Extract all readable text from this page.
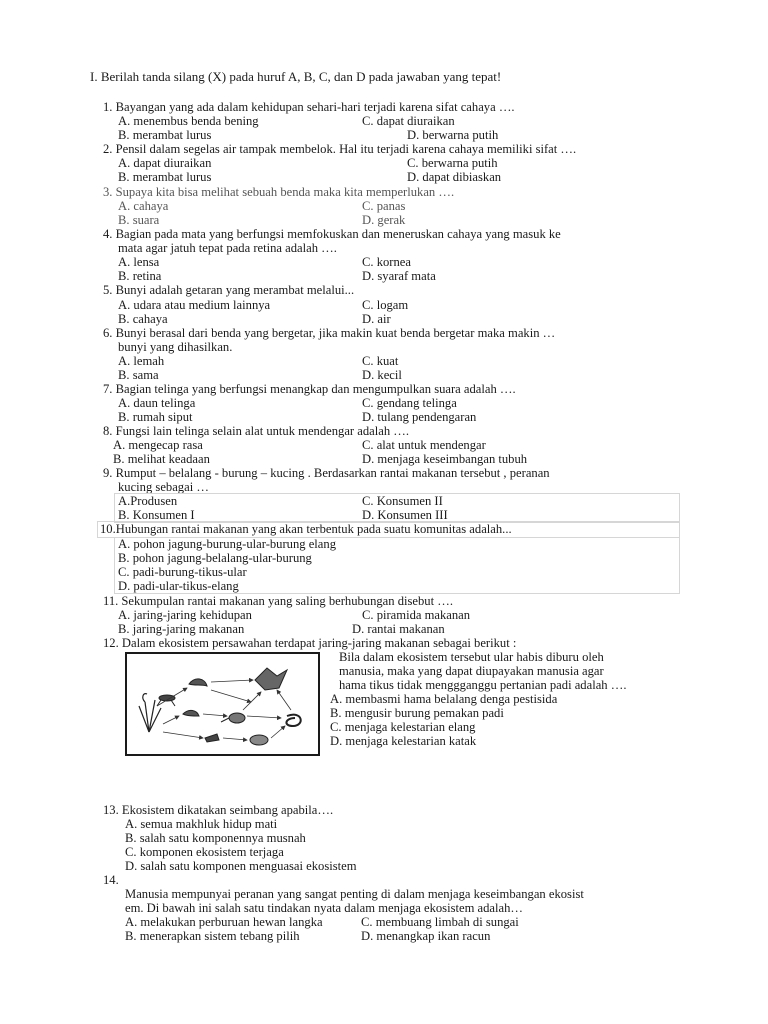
I. Berilah tanda silang (X) pada huruf A, B, C, dan D pada jawaban yang tepat!
1. Bayangan yang ada dalam kehidupan sehari-hari terjadi karena sifat cahaya ….
A. menembus benda bening	C. dapat diuraikan
B. merambat lurus	D. berwarna putih
2. Pensil dalam segelas air tampak membelok. Hal itu terjadi karena cahaya memiliki sifat ….
A. dapat diuraikan	C. berwarna putih
B. merambat lurus	D. dapat dibiaskan
3. Supaya kita bisa melihat sebuah benda maka kita memperlukan ….
A. cahaya	C. panas
B. suara	D. gerak
4. Bagian pada mata yang berfungsi memfokuskan dan meneruskan cahaya yang masuk ke
mata agar jatuh tepat pada retina adalah ….
A. lensa	C. kornea
B. retina	D. syaraf mata
5. Bunyi adalah getaran yang merambat melalui...
A. udara atau medium lainnya	C. logam
B. cahaya	D. air
6. Bunyi berasal dari benda yang bergetar, jika makin kuat benda bergetar maka makin …
bunyi yang dihasilkan.
A. lemah	C. kuat
B. sama	D. kecil
7. Bagian telinga yang berfungsi menangkap dan mengumpulkan suara adalah ….
A. daun telinga	C. gendang telinga
B. rumah siput	D. tulang pendengaran
8. Fungsi lain telinga selain alat untuk mendengar adalah ….
A. mengecap rasa	C. alat untuk mendengar
B. melihat keadaan	D. menjaga keseimbangan tubuh
9. Rumput – belalang - burung – kucing . Berdasarkan rantai makanan tersebut , peranan
kucing sebagai …
A.Produsen	C. Konsumen II
B. Konsumen I	D. Konsumen III
10.Hubungan rantai makanan yang akan terbentuk pada suatu komunitas adalah...
A. pohon jagung-burung-ular-burung elang
B. pohon jagung-belalang-ular-burung
C. padi-burung-tikus-ular
D. padi-ular-tikus-elang
11. Sekumpulan rantai makanan yang saling berhubungan disebut ….
A. jaring-jaring kehidupan	C. piramida makanan
B. jaring-jaring makanan	D. rantai makanan
12. Dalam ekosistem persawahan terdapat jaring-jaring makanan sebagai berikut :
Bila dalam ekosistem tersebut ular habis diburu oleh
manusia, maka yang dapat diupayakan manusia agar
hama tikus tidak menggganggu pertanian padi adalah ….
A. membasmi hama belalang denga pestisida
B. mengusir burung pemakan padi
C. menjaga kelestarian elang
D. menjaga kelestarian katak
13. Ekosistem dikatakan seimbang apabila….
A. semua makhluk hidup mati
B. salah satu komponennya musnah
C. komponen ekosistem terjaga
D. salah satu komponen menguasai ekosistem
14.
Manusia mempunyai peranan yang sangat penting di dalam menjaga keseimbangan ekosist
em. Di bawah ini salah satu tindakan nyata dalam menjaga ekosistem adalah…
A. melakukan perburuan hewan langka	C. membuang limbah di sungai
B. menerapkan sistem tebang pilih	D. menangkap ikan racun
